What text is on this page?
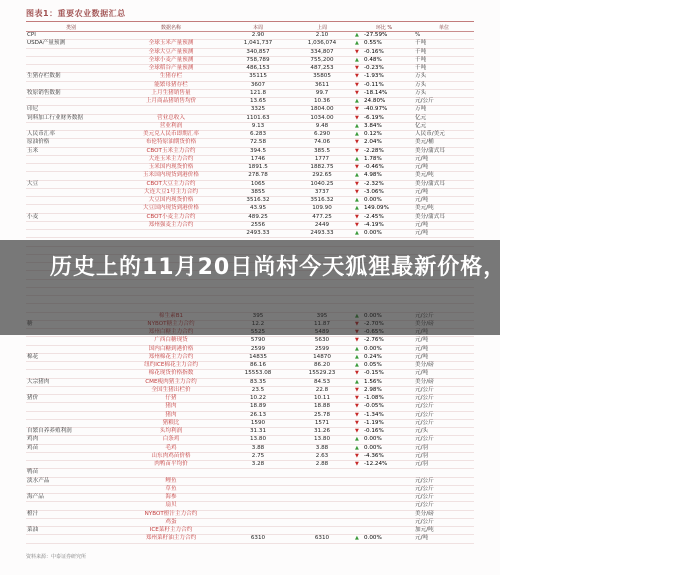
图表1：重要农业数据汇总
类别	数据名称	本周	上周	环比 %	单位
CPI		2.90	2.10	▲ -27.59%	%
USDA产量预测	全球玉米产量预测	1,041,737	1,036,074	▲ 0.55%	千吨
	全球大豆产量预测	340,857	334,807	▼ -0.16%	千吨
	全球小麦产量预测	758,789	755,200	▲ 0.48%	千吨
	全球稻谷产量预测	486,153	487,253	▼ -0.23%	千吨
生猪存栏数据	生猪存栏	35115	35805	▼ -1.93%	万头
	能繁母猪存栏	3607	3611	▼ -0.11%	万头
牧原销售数据	上月生猪销售量	121.8	99.7	▼ -18.14%	万头
	上月商品猪销售均价	13.65	10.36	▲ 24.80%	元/公斤
印尼		3325	1804.00	▼ -40.97%	万吨
饲料加工行业财务数据	营业总收入	1101.63	1034.00	▼ -6.19%	亿元
	营业利润	9.13	9.48	▲ 3.84%	亿元
人民币汇率	美元兑人民币即期汇率	6.283	6.290	▲ 0.12%	人民币/美元
原油价格	布伦特原油期货价格	72.58	74.06	▼ 2.04%	美元/桶
玉米	CBOT玉米主力合约	394.5	385.5	▼ -2.28%	美分/蒲式耳
	大连玉米主力合约	1746	1777	▲ 1.78%	元/吨
	玉米国内现货价格	1891.5	1882.75	▼ -0.46%	元/吨
	玉米国内现货到港价格	278.78	292.65	▲ 4.98%	美元/吨
大豆	CBOT大豆主力合约	1065	1040.25	▼ -2.32%	美分/蒲式耳
	大连大豆1号主力合约	3855	3737	▼ -3.06%	元/吨
	大豆国内现货价格	3516.32	3516.32	▲ 0.00%	元/吨
	大豆国内现货到港价格	43.95	109.90	▲ 149.09%	美元/吨
小麦	CBOT小麦主力合约	489.25	477.25	▼ -2.45%	美分/蒲式耳
	郑州强麦主力合约	2556	2449	▼ -4.19%	元/吨
		2493.33	2493.33	▲ 0.00%	元/吨

	广西白糖现货	5790	5630	▼ -2.76%	元/吨
	国内白糖到港价格	2599	2599	▲ 0.00%	元/吨
棉花	郑州棉花主力合约	14835	14870	▲ 0.24%	元/吨
	纽约ICE棉花主力合约	86.16	86.20	▲ 0.05%	美分/磅
	棉花现货价格指数	15553.08	15529.23	▼ -0.15%	元/吨
大宗猪肉	CME瘦肉猪主力合约	83.35	84.53	▲ 1.56%	美分/磅
	全国生猪出栏价	23.5	22.8	▼ 2.98%	元/公斤
猪价	仔猪	10.22	10.11	▼ -1.08%	元/公斤
	猪肉	18.89	18.88	▼ -0.05%	元/公斤
	猪肉	26.13	25.78	▼ -1.34%	元/公斤
	猪粮比	1590	1571	▼ -1.19%	元/公斤
自繁自养养殖利润	头均利润	31.31	31.26	▼ -0.16%	元/头
鸡肉	白条鸡	13.80	13.80	▲ 0.00%	元/公斤
鸡苗	毛鸡	3.88	3.88	▲ 0.00%	元/羽
	山东肉鸡苗价格	2.75	2.63	▼ -4.36%	元/羽
	肉鸭苗平均价	3.28	2.88	▼ -12.24%	元/羽
鸭苗					
淡水产品	鲤鱼				元/公斤
	草鱼				元/公斤
海产品	海参				元/公斤
	扇贝				元/公斤
橙汁	NYBOT橙汁主力合约				美分/磅
	鸡蛋				元/公斤
菜油	ICE菜籽主力合约				加元/吨
	郑州菜籽油主力合约	6310	6310	▲ 0.00%	元/吨
历史上的11月20日尚村今天狐狸最新价格，历史上的11月20
资料来源：中泰证券研究所
